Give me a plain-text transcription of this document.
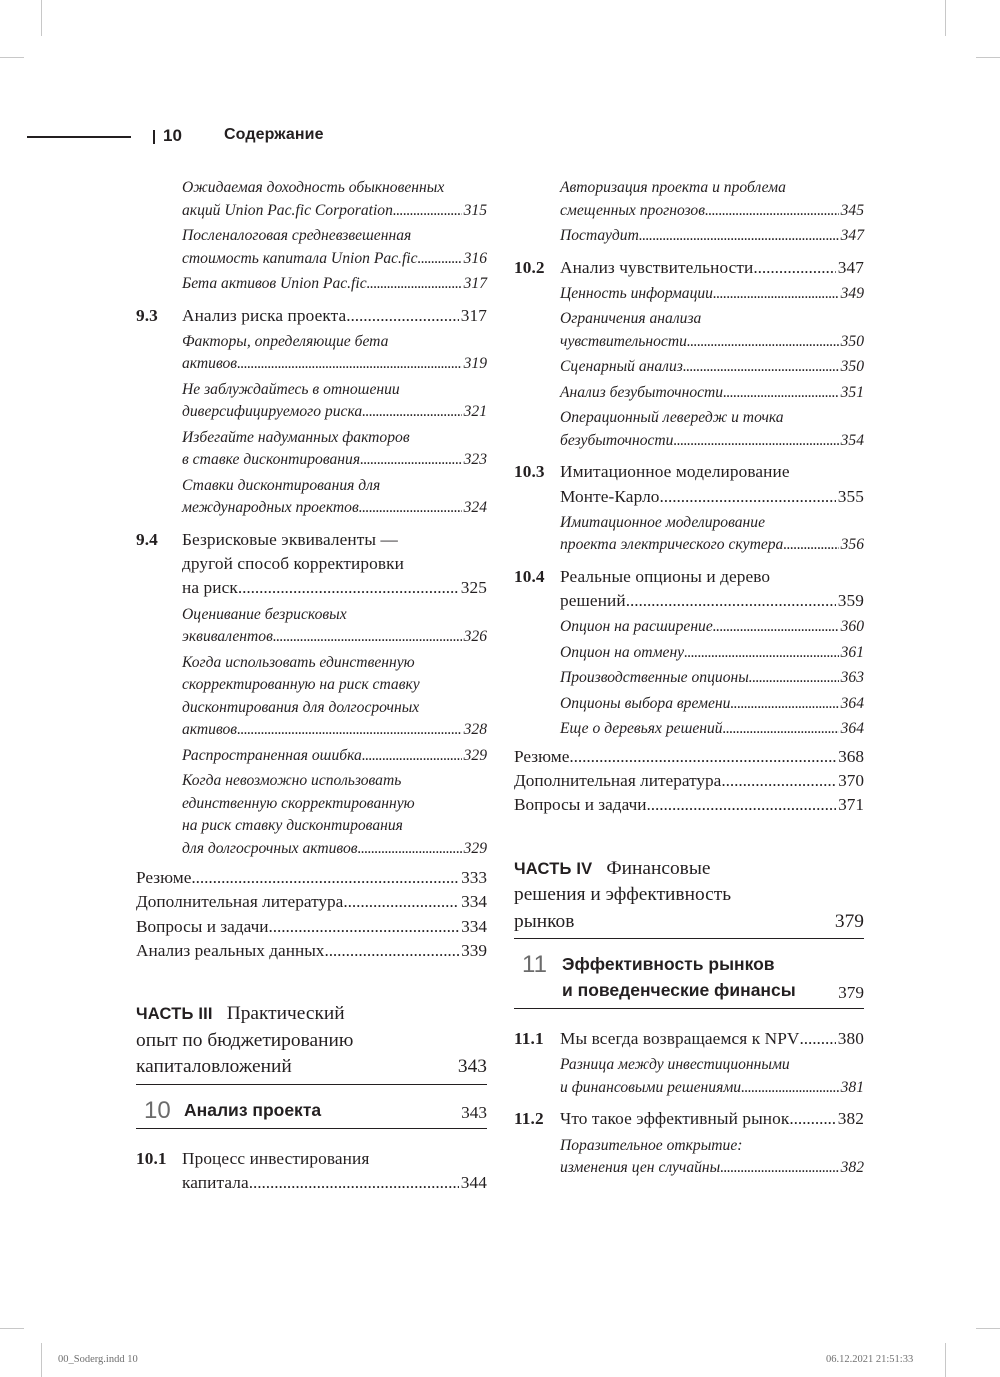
10	Содержание
Ожидаемая доходность обыкновенных
акций Union Pac.fic Corporation . . .	315
Посленалоговая средневзвешенная
стоимость капитала Union Pac.fic . . .	316
Бета активов Union Pac.fic . . .	317
9.3 Анализ риска проекта . . .	317
Факторы, определяющие бета
активов . . .	319
Не заблуждайтесь в отношении
диверсифицируемого риска . . .	321
Избегайте надуманных факторов
в ставке дисконтирования . . .	323
Ставки дисконтирования для
международных проектов . . .	324
9.4 Безрисковые эквиваленты —
другой способ корректировки
на риск . . .	325
Оценивание безрисковых
эквивалентов . . .	326
Когда использовать единственную
скорректированную на риск ставку
дисконтирования для долгосрочных
активов . . .	328
Распространенная ошибка . . .	329
Когда невозможно использовать
единственную скорректированную
на риск ставку дисконтирования
для долгосрочных активов . . .	329
Резюме . . .	333
Дополнительная литература . . .	334
Вопросы и задачи . . .	334
Анализ реальных данных . . .	339
ЧАСТЬ III Практический
опыт по бюджетированию
капиталовложений	343
10 Анализ проекта	343
10.1 Процесс инвестирования
капитала . . .	344
Авторизация проекта и проблема
смещенных прогнозов . . .	345
Постаудит . . .	347
10.2 Анализ чувствительности . . .	347
Ценность информации . . .	349
Ограничения анализа
чувствительности . . .	350
Сценарный анализ . . .	350
Анализ безубыточности . . .	351
Операционный левередж и точка
безубыточности . . .	354
10.3 Имитационное моделирование
Монте-Карло . . .	355
Имитационное моделирование
проекта электрического скутера . . .	356
10.4 Реальные опционы и дерево
решений . . .	359
Опцион на расширение . . .	360
Опцион на отмену . . .	361
Производственные опционы . . .	363
Опционы выбора времени . . .	364
Еще о деревьях решений . . .	364
Резюме . . .	368
Дополнительная литература . . .	370
Вопросы и задачи . . .	371
ЧАСТЬ IV Финансовые
решения и эффективность
рынков	379
11 Эффективность рынков
и поведенческие финансы	379
11.1 Мы всегда возвращаемся к NPV . . . 380
Разница между инвестиционными
и финансовыми решениями . . .	381
11.2 Что такое эффективный рынок . . .	382
Поразительное открытие:
изменения цен случайны . . .	382
00_Soderg.indd 10	06.12.2021 21:51:33
